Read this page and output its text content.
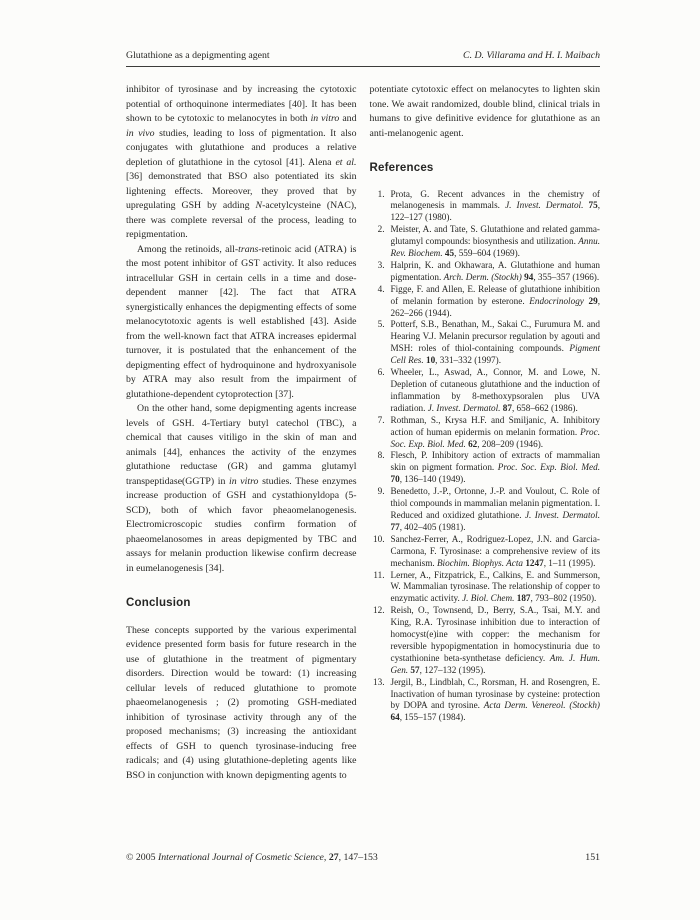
Glutathione as a depigmenting agent	C. D. Villarama and H. I. Maibach

inhibitor of tyrosinase and by increasing the cytotoxic potential of orthoquinone intermediates [40]. It has been shown to be cytotoxic to melanocytes in both in vitro and in vivo studies, leading to loss of pigmentation. It also conjugates with glutathione and produces a relative depletion of glutathione in the cytosol [41]. Alena et al. [36] demonstrated that BSO also potentiated its skin lightening effects. Moreover, they proved that by upregulating GSH by adding N-acetylcysteine (NAC), there was complete reversal of the process, leading to repigmentation.

Among the retinoids, all-trans-retinoic acid (ATRA) is the most potent inhibitor of GST activity. It also reduces intracellular GSH in certain cells in a time and dose-dependent manner [42]. The fact that ATRA synergistically enhances the depigmenting effects of some melanocytotoxic agents is well established [43]. Aside from the well-known fact that ATRA increases epidermal turnover, it is postulated that the enhancement of the depigmenting effect of hydroquinone and hydroxyanisole by ATRA may also result from the impairment of glutathione-dependent cytoprotection [37].

On the other hand, some depigmenting agents increase levels of GSH. 4-Tertiary butyl catechol (TBC), a chemical that causes vitiligo in the skin of man and animals [44], enhances the activity of the enzymes glutathione reductase (GR) and gamma glutamyl transpeptidase(GGTP) in in vitro studies. These enzymes increase production of GSH and cystathionyldopa (5-SCD), both of which favor pheaomelanogenesis. Electromicroscopic studies confirm formation of phaeomelanosomes in areas depigmented by TBC and assays for melanin production likewise confirm decrease in eumelanogenesis [34].

Conclusion

These concepts supported by the various experimental evidence presented form basis for future research in the use of glutathione in the treatment of pigmentary disorders. Direction would be toward: (1) increasing cellular levels of reduced glutathione to promote phaeomelanogenesis ; (2) promoting GSH-mediated inhibition of tyrosinase activity through any of the proposed mechanisms; (3) increasing the antioxidant effects of GSH to quench tyrosinase-inducing free radicals; and (4) using glutathione-depleting agents like BSO in conjunction with known depigmenting agents to

potentiate cytotoxic effect on melanocytes to lighten skin tone. We await randomized, double blind, clinical trials in humans to give definitive evidence for glutathione as an anti-melanogenic agent.

References
1. Prota, G. Recent advances in the chemistry of melanogenesis in mammals. J. Invest. Dermatol. 75, 122–127 (1980).
2. Meister, A. and Tate, S. Glutathione and related gamma-glutamyl compounds: biosynthesis and utilization. Annu. Rev. Biochem. 45, 559–604 (1969).
3. Halprin, K. and Okhawara, A. Glutathione and human pigmentation. Arch. Derm. (Stockh) 94, 355–357 (1966).
4. Figge, F. and Allen, E. Release of glutathione inhibition of melanin formation by esterone. Endocrinology 29, 262–266 (1944).
5. Potterf, S.B., Benathan, M., Sakai C., Furumura M. and Hearing V.J. Melanin precursor regulation by agouti and MSH: roles of thiol-containing compounds. Pigment Cell Res. 10, 331–332 (1997).
6. Wheeler, L., Aswad, A., Connor, M. and Lowe, N. Depletion of cutaneous glutathione and the induction of inflammation by 8-methoxypsoralen plus UVA radiation. J. Invest. Dermatol. 87, 658–662 (1986).
7. Rothman, S., Krysa H.F. and Smiljanic, A. Inhibitory action of human epidermis on melanin formation. Proc. Soc. Exp. Biol. Med. 62, 208–209 (1946).
8. Flesch, P. Inhibitory action of extracts of mammalian skin on pigment formation. Proc. Soc. Exp. Biol. Med. 70, 136–140 (1949).
9. Benedetto, J.-P., Ortonne, J.-P. and Voulout, C. Role of thiol compounds in mammalian melanin pigmentation. I. Reduced and oxidized glutathione. J. Invest. Dermatol. 77, 402–405 (1981).
10. Sanchez-Ferrer, A., Rodriguez-Lopez, J.N. and Garcia-Carmona, F. Tyrosinase: a comprehensive review of its mechanism. Biochim. Biophys. Acta 1247, 1–11 (1995).
11. Lerner, A., Fitzpatrick, E., Calkins, E. and Summerson, W. Mammalian tyrosinase. The relationship of copper to enzymatic activity. J. Biol. Chem. 187, 793–802 (1950).
12. Reish, O., Townsend, D., Berry, S.A., Tsai, M.Y. and King, R.A. Tyrosinase inhibition due to interaction of homocyst(e)ine with copper: the mechanism for reversible hypopigmentation in homocystinuria due to cystathionine beta-synthetase deficiency. Am. J. Hum. Gen. 57, 127–132 (1995).
13. Jergil, B., Lindblah, C., Rorsman, H. and Rosengren, E. Inactivation of human tyrosinase by cysteine: protection by DOPA and tyrosine. Acta Derm. Venereol. (Stockh) 64, 155–157 (1984).
© 2005 International Journal of Cosmetic Science, 27, 147–153	151
